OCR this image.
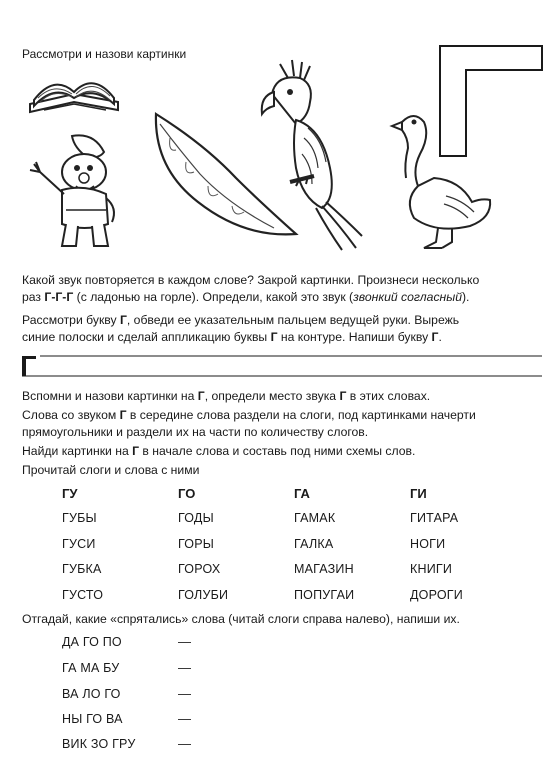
Рассмотри и назови картинки
Какой звук повторяется в каждом слове? Закрой картинки. Произнеси несколько
раз Г-Г-Г (с ладонью на горле). Определи, какой это звук (звонкий согласный).
Рассмотри букву Г, обведи ее указательным пальцем ведущей руки. Вырежь
синие полоски и сделай аппликацию буквы Г на контуре. Напиши букву Г.
Вспомни и назови картинки на Г, определи место звука Г в этих словах.
Слова со звуком Г в середине слова раздели на слоги, под картинками начерти
прямоугольники и раздели их на части по количеству слогов.
Найди картинки на Г в начале слова и составь под ними схемы слов.
Прочитай слоги и слова с ними
ГУ	ГО	ГА	ГИ
ГУБЫ	ГОДЫ	ГАМАК	ГИТАРА
ГУСИ	ГОРЫ	ГАЛКА	НОГИ
ГУБКА	ГОРОХ	МАГАЗИН	КНИГИ
ГУСТО	ГОЛУБИ	ПОПУГАИ	ДОРОГИ
Отгадай, какие «спрятались» слова (читай слоги справа налево), напиши их.
ДА ГО ПО	—
ГА МА БУ	—
ВА ЛО ГО	—
НЫ ГО ВА	—
ВИК ЗО ГРУ	—
